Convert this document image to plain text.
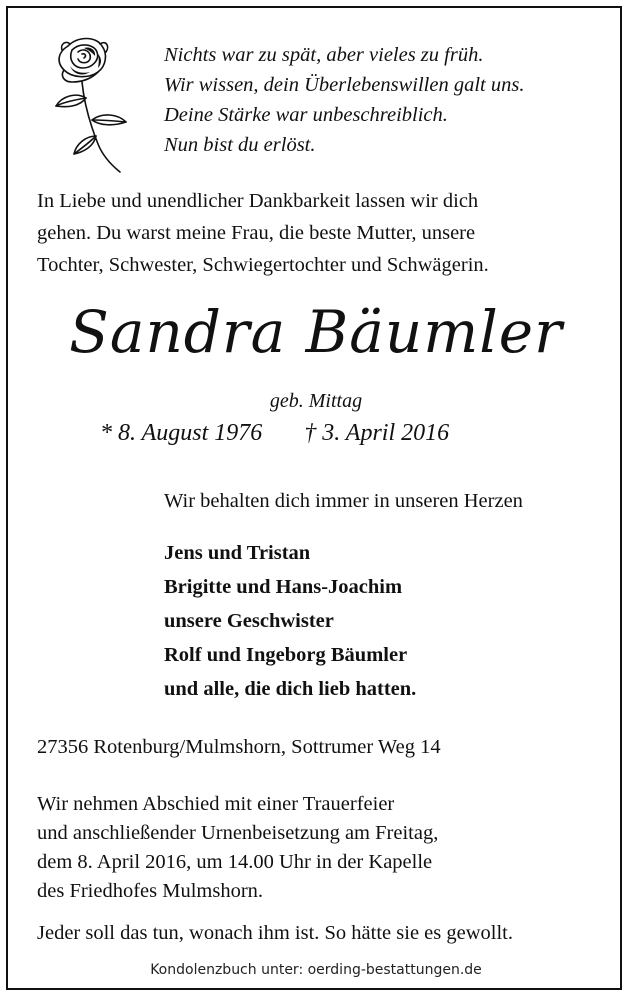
Nichts war zu spät, aber vieles zu früh.
Wir wissen, dein Überlebenswillen galt uns.
Deine Stärke war unbeschreiblich.
Nun bist du erlöst.
In Liebe und unendlicher Dankbarkeit lassen wir dich
gehen. Du warst meine Frau, die beste Mutter, unsere
Tochter, Schwester, Schwiegertochter und Schwägerin.
Sandra Bäumler
geb. Mittag
* 8. August 1976 † 3. April 2016
Wir behalten dich immer in unseren Herzen
Jens und Tristan
Brigitte und Hans-Joachim
unsere Geschwister
Rolf und Ingeborg Bäumler
und alle, die dich lieb hatten.
27356 Rotenburg/Mulmshorn, Sottrumer Weg 14
Wir nehmen Abschied mit einer Trauerfeier
und anschließender Urnenbeisetzung am Freitag,
dem 8. April 2016, um 14.00 Uhr in der Kapelle
des Friedhofes Mulmshorn.
Jeder soll das tun, wonach ihm ist. So hätte sie es gewollt.
Kondolenzbuch unter: oerding-bestattungen.de
